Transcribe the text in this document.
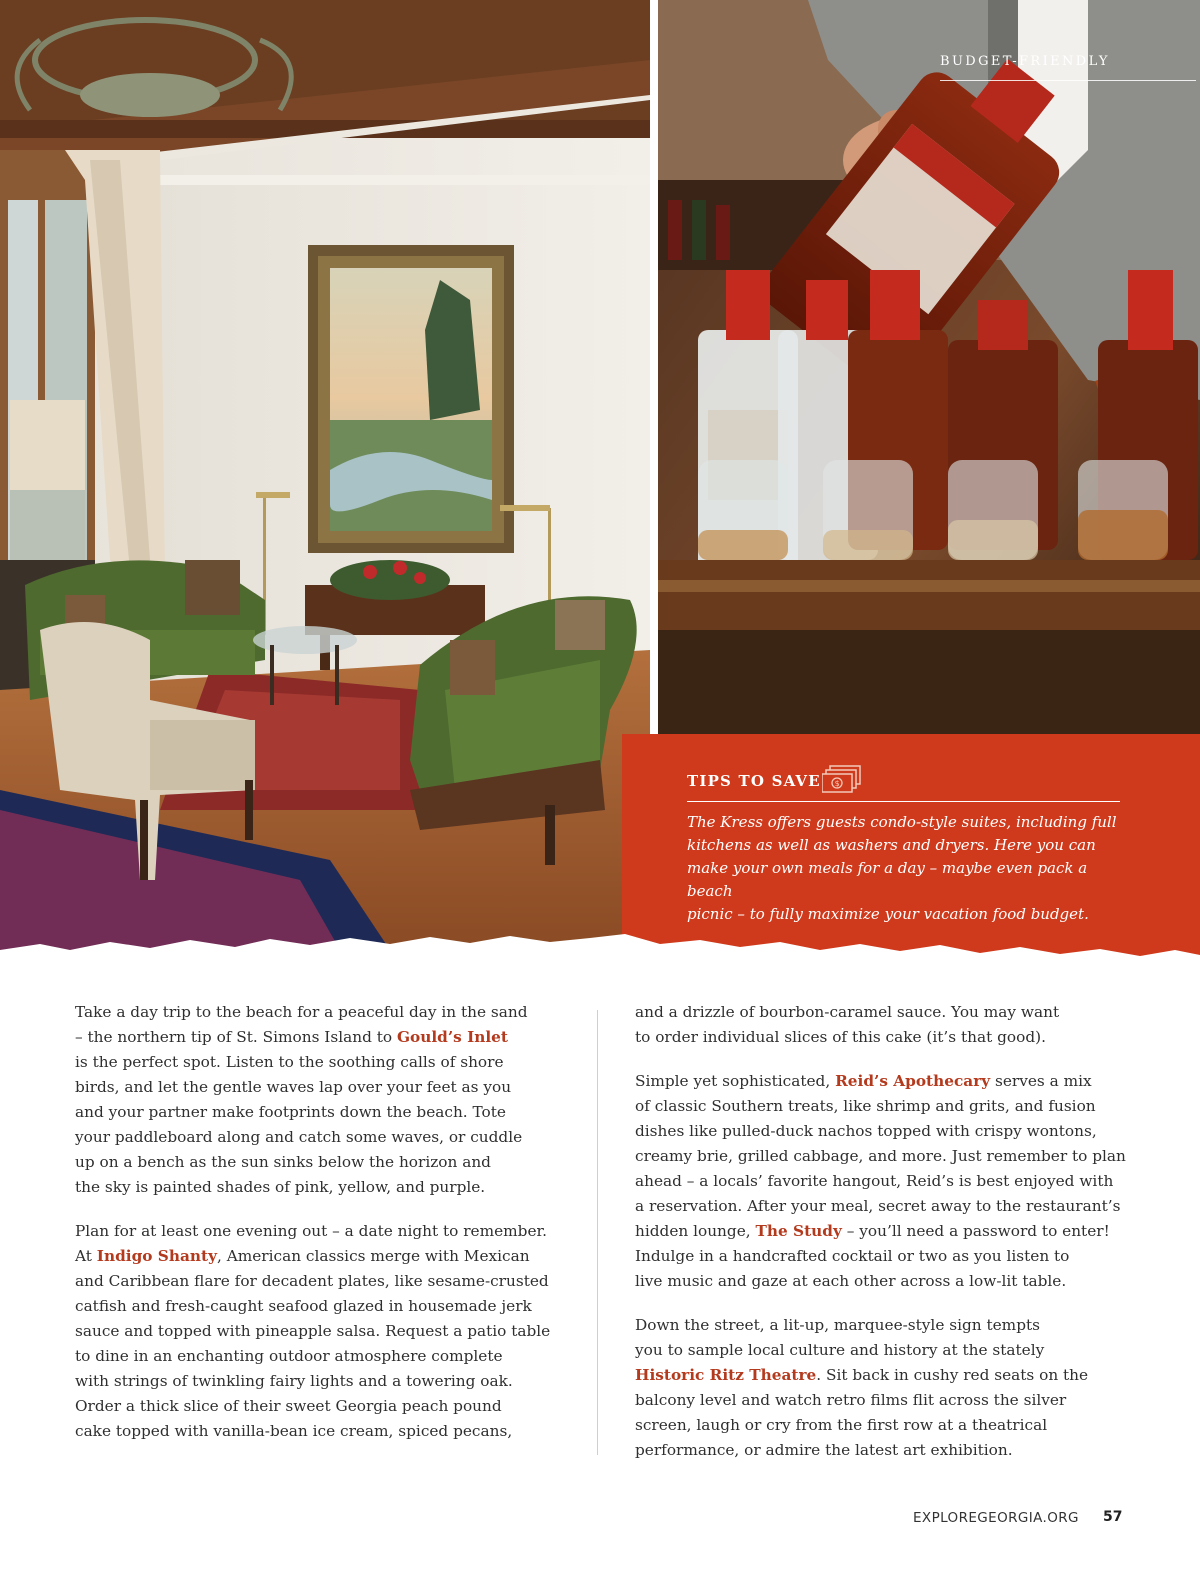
BUDGET-FRIENDLY
TIPS TO SAVE $
The Kress offers guests condo-style suites, including full
kitchens as well as washers and dryers. Here you can
make your own meals for a day – maybe even pack a beach
picnic – to fully maximize your vacation food budget.

Take a day trip to the beach for a peaceful day in the sand
– the northern tip of St. Simons Island to Gould’s Inlet
is the perfect spot. Listen to the soothing calls of shore
birds, and let the gentle waves lap over your feet as you
and your partner make footprints down the beach. Tote
your paddleboard along and catch some waves, or cuddle
up on a bench as the sun sinks below the horizon and
the sky is painted shades of pink, yellow, and purple.

Plan for at least one evening out – a date night to remember.
At Indigo Shanty, American classics merge with Mexican
and Caribbean flare for decadent plates, like sesame-crusted
catfish and fresh-caught seafood glazed in housemade jerk
sauce and topped with pineapple salsa. Request a patio table
to dine in an enchanting outdoor atmosphere complete
with strings of twinkling fairy lights and a towering oak.
Order a thick slice of their sweet Georgia peach pound
cake topped with vanilla-bean ice cream, spiced pecans,

and a drizzle of bourbon-caramel sauce. You may want
to order individual slices of this cake (it’s that good).

Simple yet sophisticated, Reid’s Apothecary serves a mix
of classic Southern treats, like shrimp and grits, and fusion
dishes like pulled-duck nachos topped with crispy wontons,
creamy brie, grilled cabbage, and more. Just remember to plan
ahead – a locals’ favorite hangout, Reid’s is best enjoyed with
a reservation. After your meal, secret away to the restaurant’s
hidden lounge, The Study – you’ll need a password to enter!
Indulge in a handcrafted cocktail or two as you listen to
live music and gaze at each other across a low-lit table.

Down the street, a lit-up, marquee-style sign tempts
you to sample local culture and history at the stately
Historic Ritz Theatre. Sit back in cushy red seats on the
balcony level and watch retro films flit across the silver
screen, laugh or cry from the first row at a theatrical
performance, or admire the latest art exhibition.

EXPLOREGEORGIA.ORG 57
